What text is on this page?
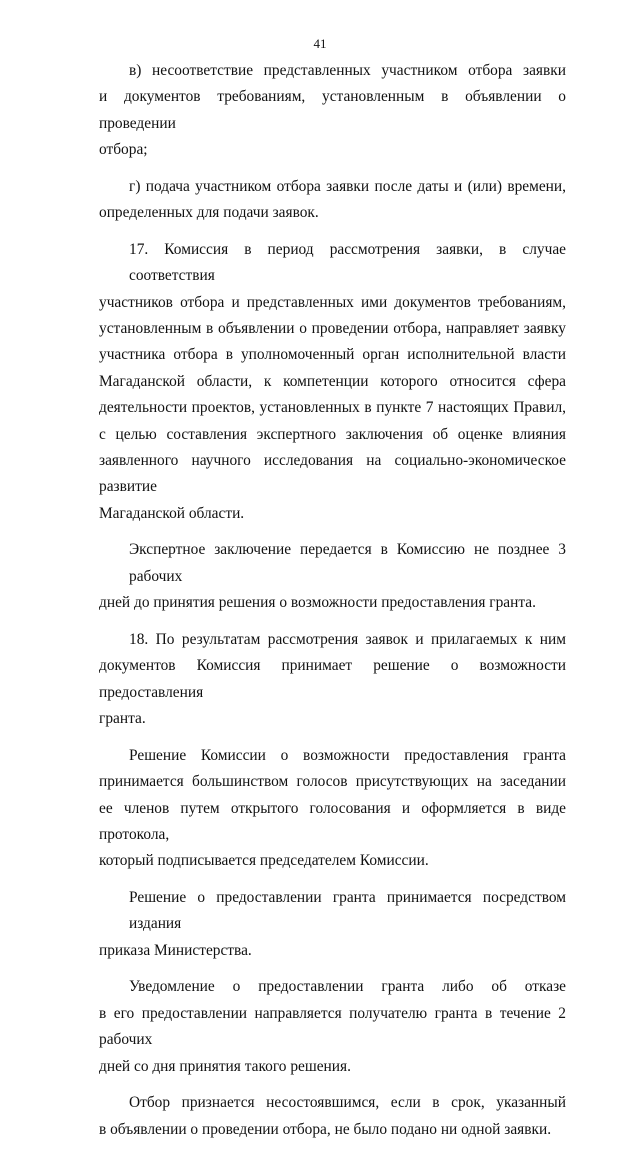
41

в) несоответствие представленных участником отбора заявки
и документов требованиям, установленным в объявлении о проведении
отбора;

г) подача участником отбора заявки после даты и (или) времени,
определенных для подачи заявок.

17. Комиссия в период рассмотрения заявки, в случае соответствия
участников отбора и представленных ими документов требованиям,
установленным в объявлении о проведении отбора, направляет заявку
участника отбора в уполномоченный орган исполнительной власти
Магаданской области, к компетенции которого относится сфера
деятельности проектов, установленных в пункте 7 настоящих Правил,
с целью составления экспертного заключения об оценке влияния
заявленного научного исследования на социально-экономическое развитие
Магаданской области.

Экспертное заключение передается в Комиссию не позднее 3 рабочих
дней до принятия решения о возможности предоставления гранта.

18. По результатам рассмотрения заявок и прилагаемых к ним
документов Комиссия принимает решение о возможности предоставления
гранта.

Решение Комиссии о возможности предоставления гранта
принимается большинством голосов присутствующих на заседании
ее членов путем открытого голосования и оформляется в виде протокола,
который подписывается председателем Комиссии.

Решение о предоставлении гранта принимается посредством издания
приказа Министерства.

Уведомление о предоставлении гранта либо об отказе
в его предоставлении направляется получателю гранта в течение 2 рабочих
дней со дня принятия такого решения.

Отбор признается несостоявшимся, если в срок, указанный
в объявлении о проведении отбора, не было подано ни одной заявки.
